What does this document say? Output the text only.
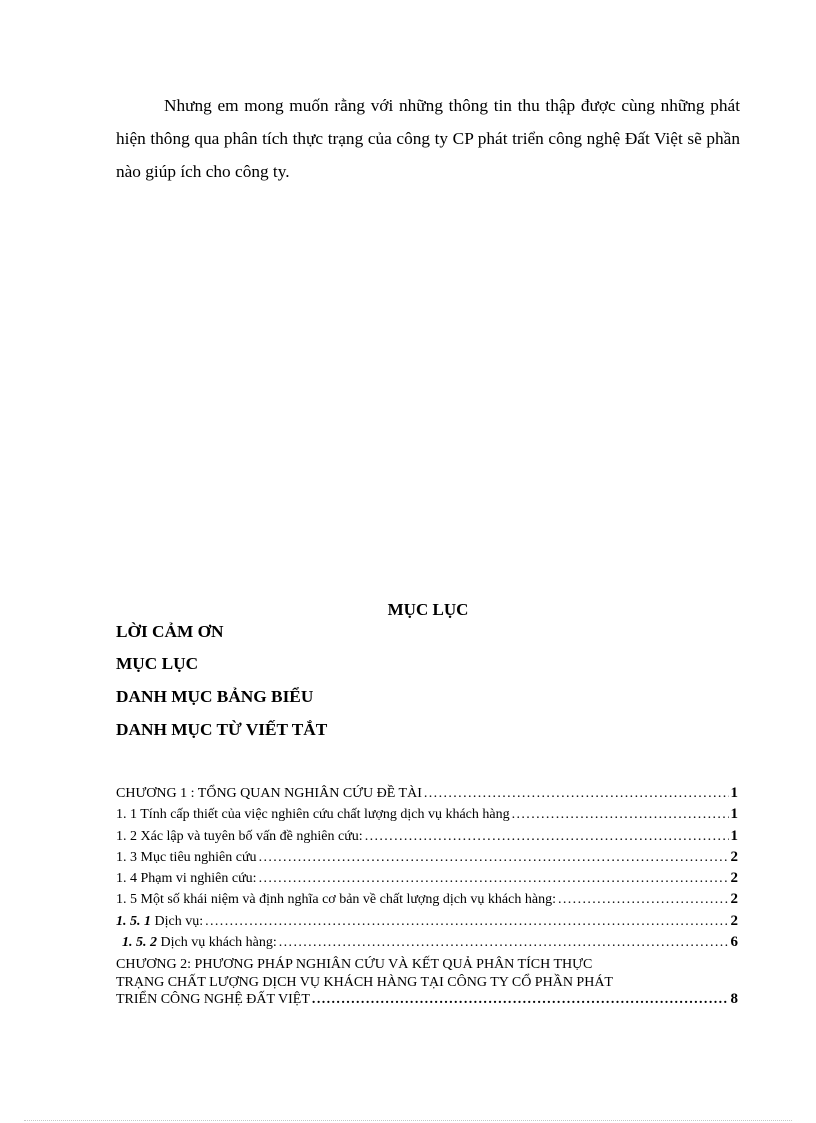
Nhưng em mong muốn rằng với những thông tin thu thập được cùng những phát hiện thông qua phân tích thực trạng của công ty CP phát triển công nghệ Đất Việt sẽ phần nào giúp ích cho công ty.

MỤC LỤC
LỜI CẢM ƠN
MỤC LỤC
DANH MỤC BẢNG BIỂU
DANH MỤC TỪ VIẾT TẮT
CHƯƠNG 1 : TỔNG QUAN NGHIÂN CỨU ĐỀ TÀI .....	1
1. 1 Tính cấp thiết của việc nghiên cứu chất lượng dịch vụ khách hàng .....	1
1. 2 Xác lập và tuyên bố vấn đề nghiên cứu: .....	1
1. 3 Mục tiêu nghiên cứu .....	2
1. 4 Phạm vi nghiên cứu: .....	2
1. 5 Một số khái niệm và định nghĩa cơ bản về chất lượng dịch vụ khách hàng: .....	2
1. 5. 1 Dịch vụ: .....	2
1. 5. 2 Dịch vụ khách hàng: .....	6
CHƯƠNG 2: PHƯƠNG PHÁP NGHIÂN CỨU VÀ KẾT QUẢ PHÂN TÍCH THỰC
TRẠNG CHẤT LƯỢNG DỊCH VỤ KHÁCH HÀNG TẠI CÔNG TY CỔ PHẦN PHÁT
TRIỂN CÔNG NGHỆ ĐẤT VIỆT .....	8
